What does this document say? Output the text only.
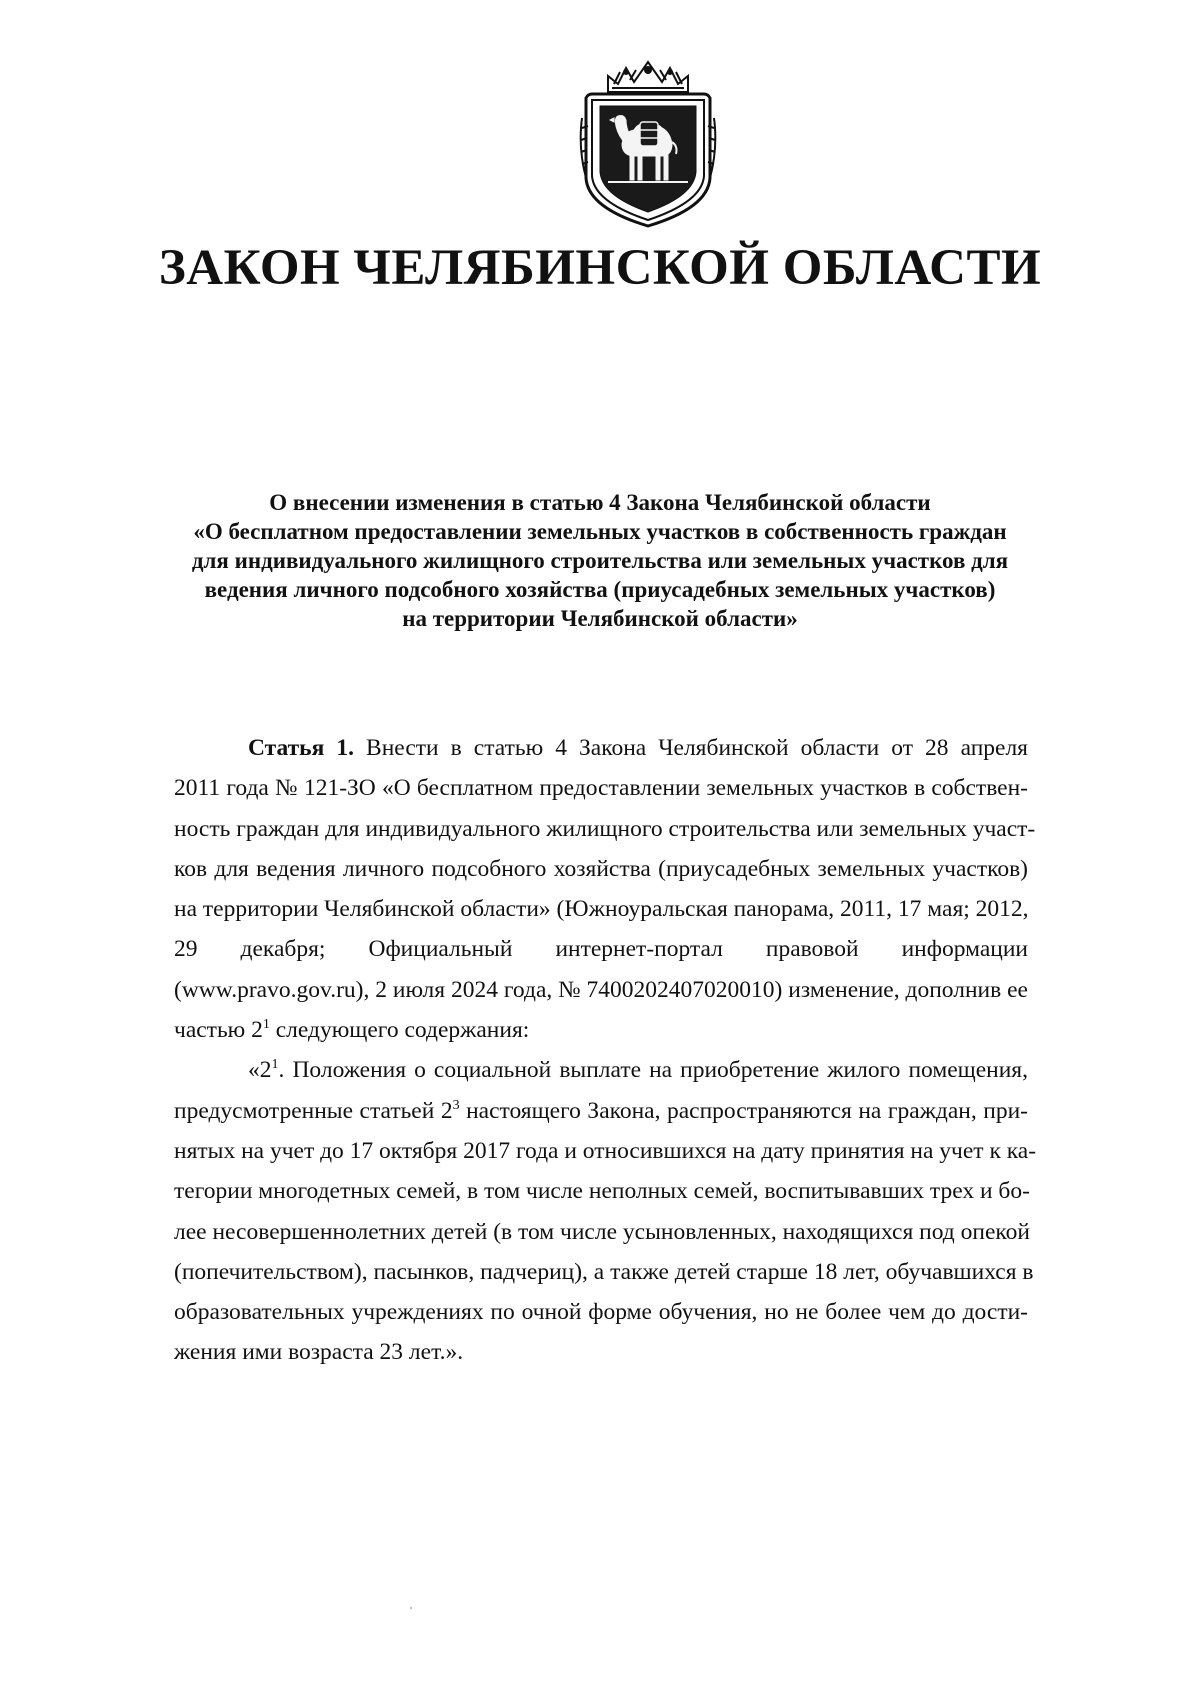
ЗАКОН ЧЕЛЯБИНСКОЙ ОБЛАСТИ
О внесении изменения в статью 4 Закона Челябинской области
«О бесплатном предоставлении земельных участков в собственность граждан
для индивидуального жилищного строительства или земельных участков для
ведения личного подсобного хозяйства (приусадебных земельных участков)
на территории Челябинской области»
Статья 1. Внести в статью 4 Закона Челябинской области от 28 апреля
2011 года № 121-ЗО «О бесплатном предоставлении земельных участков в собствен-
ность граждан для индивидуального жилищного строительства или земельных участ-
ков для ведения личного подсобного хозяйства (приусадебных земельных участков)
на территории Челябинской области» (Южноуральская панорама, 2011, 17 мая; 2012,
29 декабря; Официальный интернет-портал правовой информации
(www.pravo.gov.ru), 2 июля 2024 года, № 7400202407020010) изменение, дополнив ее
частью $2^1$ следующего содержания:
«$2^1$. Положения о социальной выплате на приобретение жилого помещения,
предусмотренные статьей $2^3$ настоящего Закона, распространяются на граждан, при-
нятых на учет до 17 октября 2017 года и относившихся на дату принятия на учет к ка-
тегории многодетных семей, в том числе неполных семей, воспитывавших трех и бо-
лее несовершеннолетних детей (в том числе усыновленных, находящихся под опекой
(попечительством), пасынков, падчериц), а также детей старше 18 лет, обучавшихся в
образовательных учреждениях по очной форме обучения, но не более чем до дости-
жения ими возраста 23 лет.».
